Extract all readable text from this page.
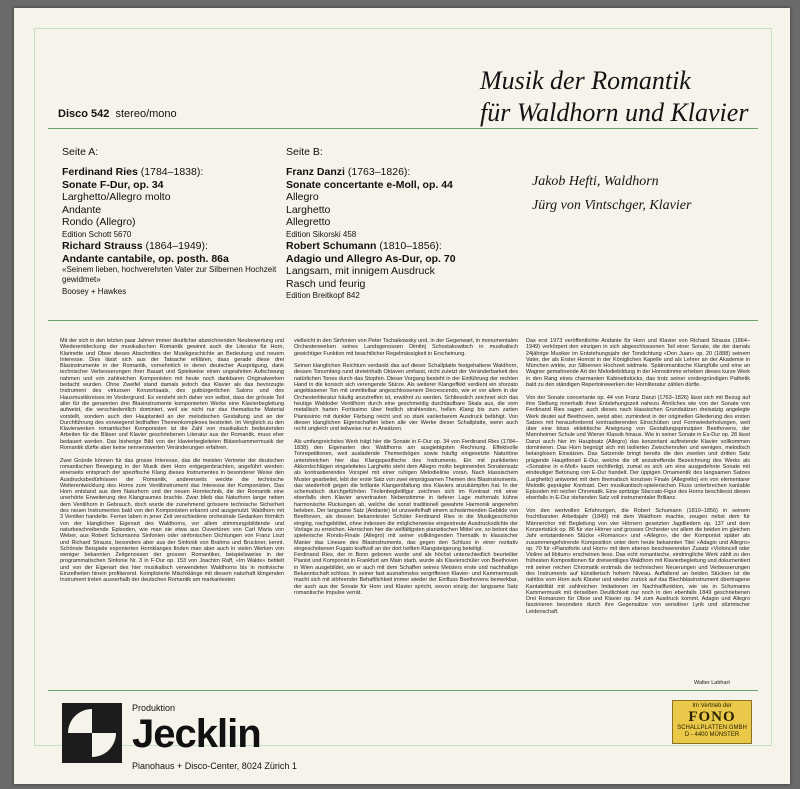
Musik der Romantik
für Waldhorn und Klavier
Disco 542 stereo/mono
Seite A:	Seite B:
Ferdinand Ries (1784–1838):
Sonate F-Dur, op. 34
Larghetto/Allegro molto
Andante
Rondo (Allegro)
Edition Schott 5670
Richard Strauss (1864–1949):
Andante cantabile, op. posth. 86a
«Seinem lieben, hochverehrten Vater zur Silbernen Hochzeit
gewidmet»
Boosey + Hawkes
Franz Danzi (1763–1826):
Sonate concertante e-Moll, op. 44
Allegro
Larghetto
Allegretto
Edition Sikorski 458
Robert Schumann (1810–1856):
Adagio und Allegro As-Dur, op. 70
Langsam, mit innigem Ausdruck
Rasch und feurig
Edition Breitkopf 842
Jakob Hefti, Waldhorn
Jürg von Vintschger, Klavier
Mit der sich in den letzten paar Jahren immer deutlicher abzeichnenden Neubewertung und Wiederentdeckung der musikalischen Romantik gewinnt auch die Literatur für Horn, Klarinette und Oboe dieses Abschnittes der Musikgeschichte an Bedeutung und neuem Interesse. Dies lässt sich aus der Tatsache erklären, dass gerade diese drei Blasinstrumente in der Romantik, vornehmlich in deren deutscher Ausprägung, dank technischer Verbesserungen ihrer Bauart und Spielweise einen ungeahnten Aufschwung nahmen und von zahlreichen Komponisten mit heute noch dankbaren Originalwerken bedacht wurden. Ohne Zweifel stand damals jedoch das Klavier als das bevorzugte Instrument des virtuosen Konzertsaals, des gutbürgerlichen Salons und des Hausmusikkreises im Vordergrund. Es versteht sich daher von selbst, dass der grösste Teil aller für die genannten drei Blasinstrumente komponierten Werke eine Klavierbegleitung aufweist, die verschiedentlich dominiert, weil sie nicht nur das thematische Material vorstellt, sondern auch den Hauptanteil an der melodischen Gestaltung und an der Durchführung des vorwiegend liedhaften Themenkomplexes bestreitet. Im Vergleich zu den Klavierwerken romantischer Komponisten ist die Zahl von musikalisch bedeutenden Arbeiten für die Bläser und Klavier geschriebenen Literatur aus der Romantik, muss eher bedauert werden. Das bisherige Bild von der klavierbegleiteten Bläserkammermusik der Romantik dürfte aber keine nennenswerten Veränderungen erfahren.

Zwei Gründe können für das grosse Interesse, das die meisten Vertreter der deutschen romantischen Bewegung in der Musik dem Horn entgegenbrachten, angeführt werden: einerseits entsprach der spezifische Klang dieses Instrumentes in besonderer Weise den Ausdrucksbedürfnissen der Romantik, andererseits weckte die technische Weiterentwicklung des Horns zum Ventilinstrument das Interesse der Komponisten. Das Horn entstand aus dem Naturhorn und der neuen Horntechnik, die der Romantik eine unerhörte Erweiterung des Klangraumes brachte. Zwar blieb das Naturhorn lange neben dem Ventilhorn in Gebrauch, doch wurde die zunehmend grössere technische Sicherheit des neuen Instrumentes bald von den Komponisten erkannt und ausgenutzt. Waldhorn mit 3 Ventilen handelte. Ferner laben in jener Zeit verschiedene orchestrale Gedanken förmlich von der klanglichen Eigenart des Waldhorns, vor allem stimmungsbildende und naturbeschreibende Episoden, wie man sie etwa aus Ouvertüren von Carl Maria von Weber, aus Robert Schumanns Sinfonien oder sinfonischen Dichtungen von Franz Liszt und Richard Strauss, besonders aber aus der Sinfonik von Brahms und Bruckner, kennt. Schönste Beispiele exponierten Hornklanges finden man aber auch in vielen Werken von weniger bekannten Zeitgenossen der grossen Romantiker, beispielsweise in der programmatischen Sinfonie Nr. 3 in F-Dur op. 153 von Joachim Raff, «Im Walde» betitelt und von der Eigenart des hier musikalisch verwendeten Waldhorns bis in motivische Einzelheiten hinein profitierend. Komplizierte Mischklänge mit diesem naturhaft klingenden Instrument treten ausserhalb der deutschen Romantik am markantesten
vielleicht in den Sinfonien von Peter Tschaikowsky und, in der Gegenwart, in monumentalen Orchesterwerken seines Landsgenossen Dimitrij Schostakowitsch in musikalisch gewichtiger Funktion mit beachtlicher Regelmässigkeit in Erscheinung.

Seinen klanglichen Reichtum verdankt das auf dieser Schallplatte festgehaltene Waldhorn, dessen Tonumfang rund dreieinhalb Oktaven umfasst, nicht zuletzt der Veränderbarkeit des natürlichen Tones durch das Stopfen. Dieser Vorgang besteht in der Einführung der rechten Hand in die konisch sich verengende Stürze. Als weiterer Klangeffekt verdient ein sforzato angeblasener Ton mit unmittelbar angeschlossenem Decrescendo, wie er vor allem in der Orchesterliteratur häufig anzutreffen ist, erwähnt zu werden. Schliesslich zeichnet sich das heutige Waldoder Ventilhorn durch eine geschmeidig durchlaufbare Skala aus, die vom metallisch harten Fortissimo über festlich strahlenden, hellen Klang bis zum zarten Pianissimo mit dunkler Färbung reicht und so stark variierbarem Ausdruck befähigt. Von diesen klanglichen Eigenschaften leben alle vier Werke dieser Schallplatte, wenn auch recht ungleich und teilweise nur in Ansätzen.

Als umfangreichstes Werk trägt hier die Sonate in F-Dur op. 34 von Ferdinand Ries (1784–1838) den Eigenarten des Waldhorns am ausgiebigsten Rechnung. Effektvolle Tonrepetitionen, weit ausladende Themenbögen sowie häufig eingesetzte Naturtöne unterstreichen hier das Klangspezifische des Instruments. Ein mit punktierten Akkordschlägen eingeleitetes Larghetto steht dem Allegro molto beginnenden Sonatensatz als kontrastierendes Vorspiel mit einer ruhigen Melodielinie voran. Nach klassischem Muster gearbeitet, lebt der erste Satz von zwei einprägsamen Themen des Blasinstruments, das wiederholt gegen die brillante Klangentfaltung des Klaviers anzukämpfen hat. In der schematisch durchgeführten Triolenbegleitfigur zeichnen sich im Kontrast mit einer ebenfalls dem Klavier anvertrauten Nebenstimme in tieferer Lage mehrmals kühne harmonische Rückungen ab, welche die sonst traditionell gewahrte Harmonik angenehm beleben. Der langsame Satz (Andante) ist unzweifelhaft einem schwärmenden Gebilde von Beethoven, als dessen bekanntester Schüler Ferdinand Ries in die Musikgeschichte einging, nachgebildet, ohne indessen die möglicherweise eingestreute Ausdrucksdichte der Vorlage zu erreichen. Herrschen hier die vielfältigsten pianistischen Mittel vor, so betont das spielerische Rondo-Finale (Allegro) mit seiner vollklingenden Thematik in klassischer Manier das Lineare des Blasinstruments, das gegen den Schluss in einer rezitativ eingeschobenen Fugato kraftvoll an der dort hefiten Klangsteigerung beteiligt.
Ferdinand Ries, der in Bonn geboren wurde und als höchst unterschiedlich beurteilter Pianist und Komponist in Frankfurt am Main starb, wurde als Klavierschüler von Beethoven in Wien ausgebildet, wo er auch mit dem Schaffen seines Meisters erste und nachhaltige Bekanntschaft schloss. In seiner fast ausnahmslos vergriffenen Klavier- und Kammermusik macht sich mit stöhrender Behaftlichkeit immer wieder der Einfluss Beethovens bemerkbar, der auch aus der Sonate für Horn und Klavier spricht, wovon einzig der langsame Satz romantische Impulse verrät.
Das erst 1973 veröffentlichte Andante für Horn und Klavier von Richard Strauss (1864–1949) verkörpert den einzigen in sich abgeschlossenen Teil einer Sonate, die der damals 24jährige Musiker im Entstehungsjahr der Tondichtung «Don Juan» op. 20 (1888) seinem Vater, der als Erster Hornist in der Königlichen Kapelle und als Lehrer an der Akademie in München wirkte, zur Silbernen Hochzeit widmete. Spätromantische Klangfülle und eine an Wagner gemahnende Art der Melodiebildung in der Hornstimme erheben dieses kurze Werk in den Rang eines charmanten Kabinettstücks, das trotz seiner vordergründigen Pathetik bald zu den ständigen Repertoirewerken der Hornliteratur zählen dürfte.

Von der Sonate concertante op. 44 von Franz Danzi (1763–1826) lässt sich mit Bezug auf ihre Stellung innerhalb ihrer Entstehungszeit nahezu Ähnliches wie von der Sonate von Ferdinand Ries sagen: auch dieses nach klassischen Grundsätzen dreisatzig angelegte Werk deutet auf Beethoven, weist aber, zumindest in der originellen Gliederung des ersten Satzes mit herausfordernd kontrastierenden Einschüben und Formwiederholungen, weit über eine bloss eklektische Aneignung von Gestaltungsprinzipien Beethovens, der Mannheimer Schule und Wiener Klassik hinaus. Wie in seiner Sonate in Es-Dur op. 28 lässt Danzi auch hier im Hauptsatz (Allegro) das konzertant auftretende Klavier vollkommen dominieren. Das Horn begnügt sich mit isolierten Zwischenrufen und wenigen, melodisch belanglosen Einsätzen. Das Satzende bringt bereits die den zweiten und dritten Satz prägende Hauptfonart E-Dur, welche die oft anzutreffende Bezeichnung des Werks als «Sonatine in e-Moll» kaum rechtfertigt, zumal es sich um eine ausgedehnte Sonate mit eindeutiger Betonung von E-Dur handelt. Der üppigen Ornamentik des langsamen Satzes (Larghetto) antwortet mit dem thematisch konzisen Finale (Allegretto) ein von elementarer Melodik geprägter Kontrast. Den musikantisch-spielerischen Fluss unterbrechen kantable Episoden mit reicher Chromatik. Eine spritzige Staccato-Figur des Horns beschliesst diesen ebenfalls in E-Dur stehenden Satz voll instrumentaler Brillanz.

Von den wertvollen Erfahrungen, die Robert Schumann (1810–1856) in seinem fruchtbarsten Arbeitsjahr (1849) mit dem Waldhorn machte, zeugen nebst dem für Männerchor mit Begleitung von vier Hörnern gesetzten Jagdliedern op. 137 und dem Konzertstück op. 86 für vier Hörner und grosses Orchester vor allem die beiden im gleichen Jahr entstandenen Stücke «Romance» und «Allegro», die der Komponist später als zusammengehörende Komposition unter dem heute bekannten Titel «Adagio und Allegro» op. 70 für «Pianoforte und Horn» mit dem ebenso beschwerenden Zusatz «Violoncell oder Violine ad libitum» erscheinen liess. Das echt romantische, eindringliche Werk zählt zu den frühesten Kompositionen für dreiventiliges Waldhorn mit Klavierbegleitung und dokumentiert mit seiner reichen Chromatik erstmals die technischen Neuerungen und Verbesserungen des Instruments auf künstlerisch hohem Niveau. Auffallend an beiden Stücken ist die nahtlos vom Horn aufs Klavier und wieder zurück auf das Blechblasinstrument übertragene Kantabilität mit zahlreichen Imitationen im Nachhallfunktion, wie sie in Schumanns Kammermusik mit derselben Deutlichkeit nur noch in den ebenfalls 1849 geschriebenen Drei Romanzen für Oboe und Klavier op. 94 zum Ausdruck kommt. Adagio und Allegro faszinieren besonders durch ihre Gegensätze von sensitiver Lyrik und stürmischer Leidenschaft.
Walter Labhart
Produktion
Jecklin
Pianohaus + Disco-Center, 8024 Zürich 1
Im Vertrieb der
FONO
SCHALLPLATTEN GMBH
D - 4400 MÜNSTER
